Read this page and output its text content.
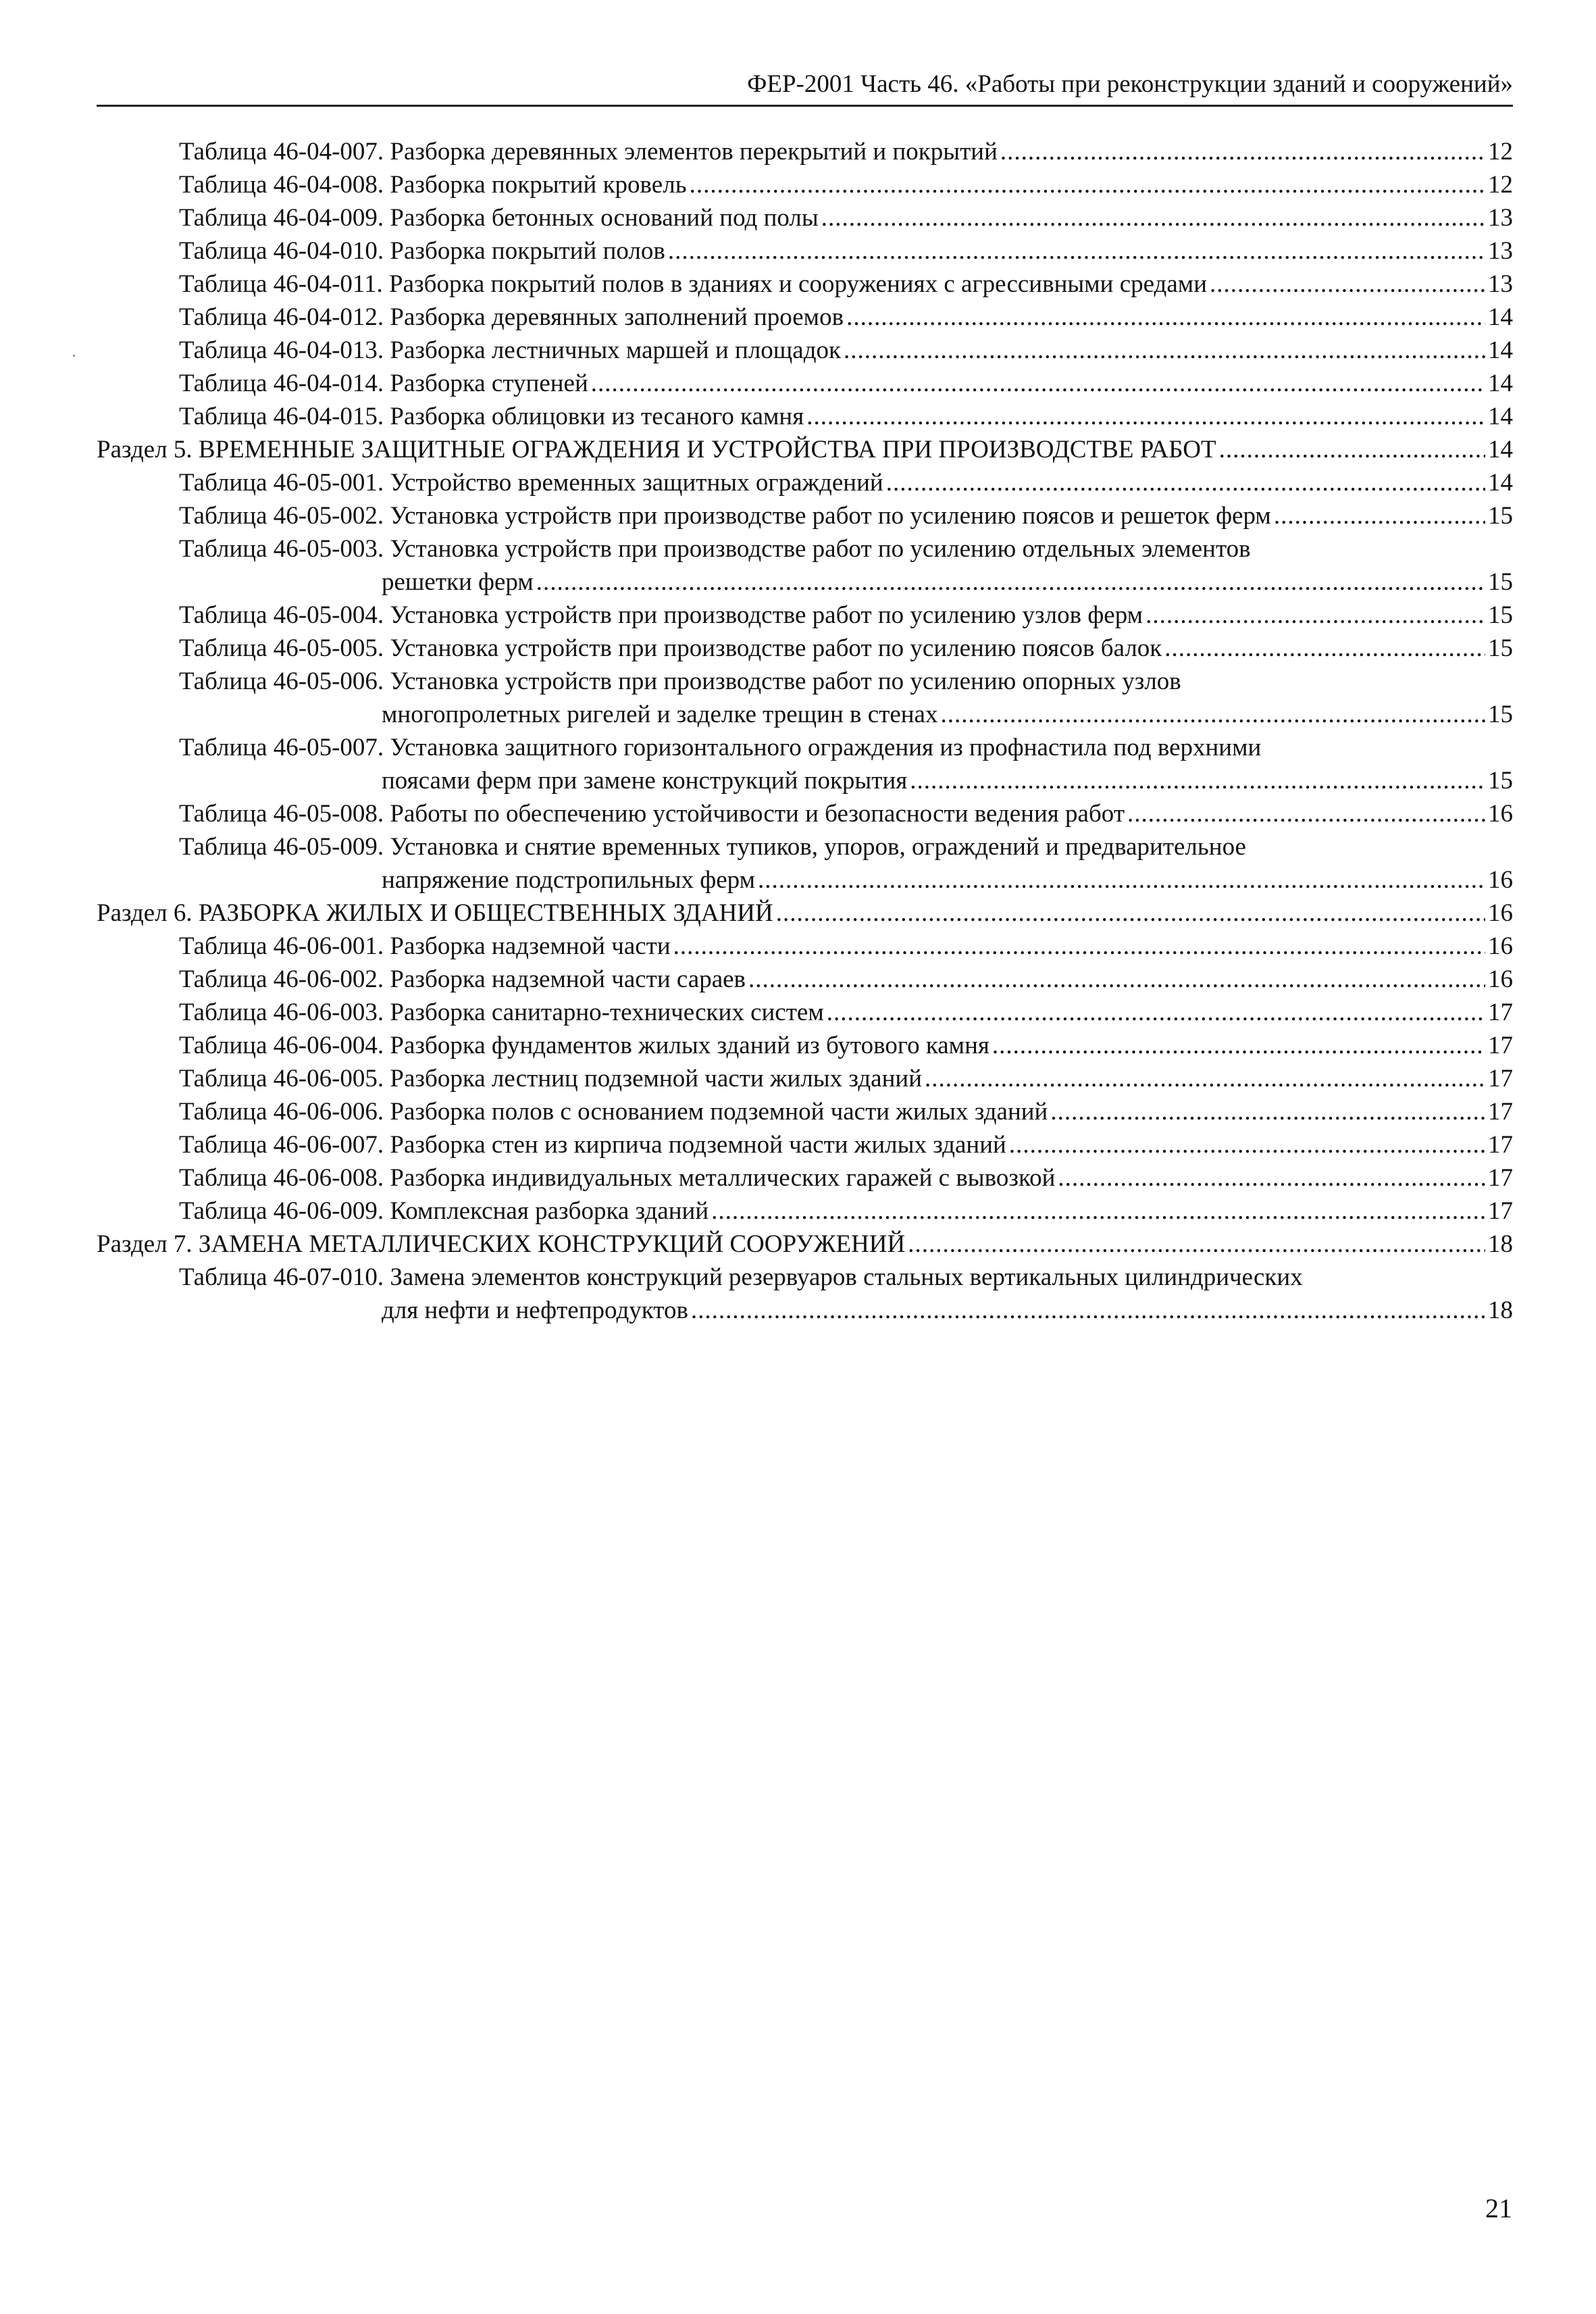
ФЕР-2001 Часть 46. «Работы при реконструкции зданий и сооружений»
Таблица 46-04-007. Разборка деревянных элементов перекрытий и покрытий .....	12
Таблица 46-04-008. Разборка покрытий кровель .....	12
Таблица 46-04-009. Разборка бетонных оснований под полы .....	13
Таблица 46-04-010. Разборка покрытий полов .....	13
Таблица 46-04-011. Разборка покрытий полов в зданиях и сооружениях с агрессивными средами .....	13
Таблица 46-04-012. Разборка деревянных заполнений проемов .....	14
Таблица 46-04-013. Разборка лестничных маршей и площадок .....	14
Таблица 46-04-014. Разборка ступеней .....	14
Таблица 46-04-015. Разборка облицовки из тесаного камня .....	14
Раздел 5. ВРЕМЕННЫЕ ЗАЩИТНЫЕ ОГРАЖДЕНИЯ И УСТРОЙСТВА ПРИ ПРОИЗВОДСТВЕ РАБОТ .....	14
Таблица 46-05-001. Устройство временных защитных ограждений .....	14
Таблица 46-05-002. Установка устройств при производстве работ по усилению поясов и решеток ферм .....	15
Таблица 46-05-003. Установка устройств при производстве работ по усилению отдельных элементов
решетки ферм .....	15
Таблица 46-05-004. Установка устройств при производстве работ по усилению узлов ферм .....	15
Таблица 46-05-005. Установка устройств при производстве работ по усилению поясов балок .....	15
Таблица 46-05-006. Установка устройств при производстве работ по усилению опорных узлов
многопролетных ригелей и заделке трещин в стенах .....	15
Таблица 46-05-007. Установка защитного горизонтального ограждения из профнастила под верхними
поясами ферм при замене конструкций покрытия .....	15
Таблица 46-05-008. Работы по обеспечению устойчивости и безопасности ведения работ .....	16
Таблица 46-05-009. Установка и снятие временных тупиков, упоров, ограждений и предварительное
напряжение подстропильных ферм .....	16
Раздел 6. РАЗБОРКА ЖИЛЫХ И ОБЩЕСТВЕННЫХ ЗДАНИЙ .....	16
Таблица 46-06-001. Разборка надземной части .....	16
Таблица 46-06-002. Разборка надземной части сараев .....	16
Таблица 46-06-003. Разборка санитарно-технических систем .....	17
Таблица 46-06-004. Разборка фундаментов жилых зданий из бутового камня .....	17
Таблица 46-06-005. Разборка лестниц подземной части жилых зданий .....	17
Таблица 46-06-006. Разборка полов с основанием подземной части жилых зданий .....	17
Таблица 46-06-007. Разборка стен из кирпича подземной части жилых зданий .....	17
Таблица 46-06-008. Разборка индивидуальных металлических гаражей с вывозкой .....	17
Таблица 46-06-009. Комплексная разборка зданий .....	17
Раздел 7. ЗАМЕНА МЕТАЛЛИЧЕСКИХ КОНСТРУКЦИЙ СООРУЖЕНИЙ .....	18
Таблица 46-07-010. Замена элементов конструкций резервуаров стальных вертикальных цилиндрических
для нефти и нефтепродуктов .....	18
21
